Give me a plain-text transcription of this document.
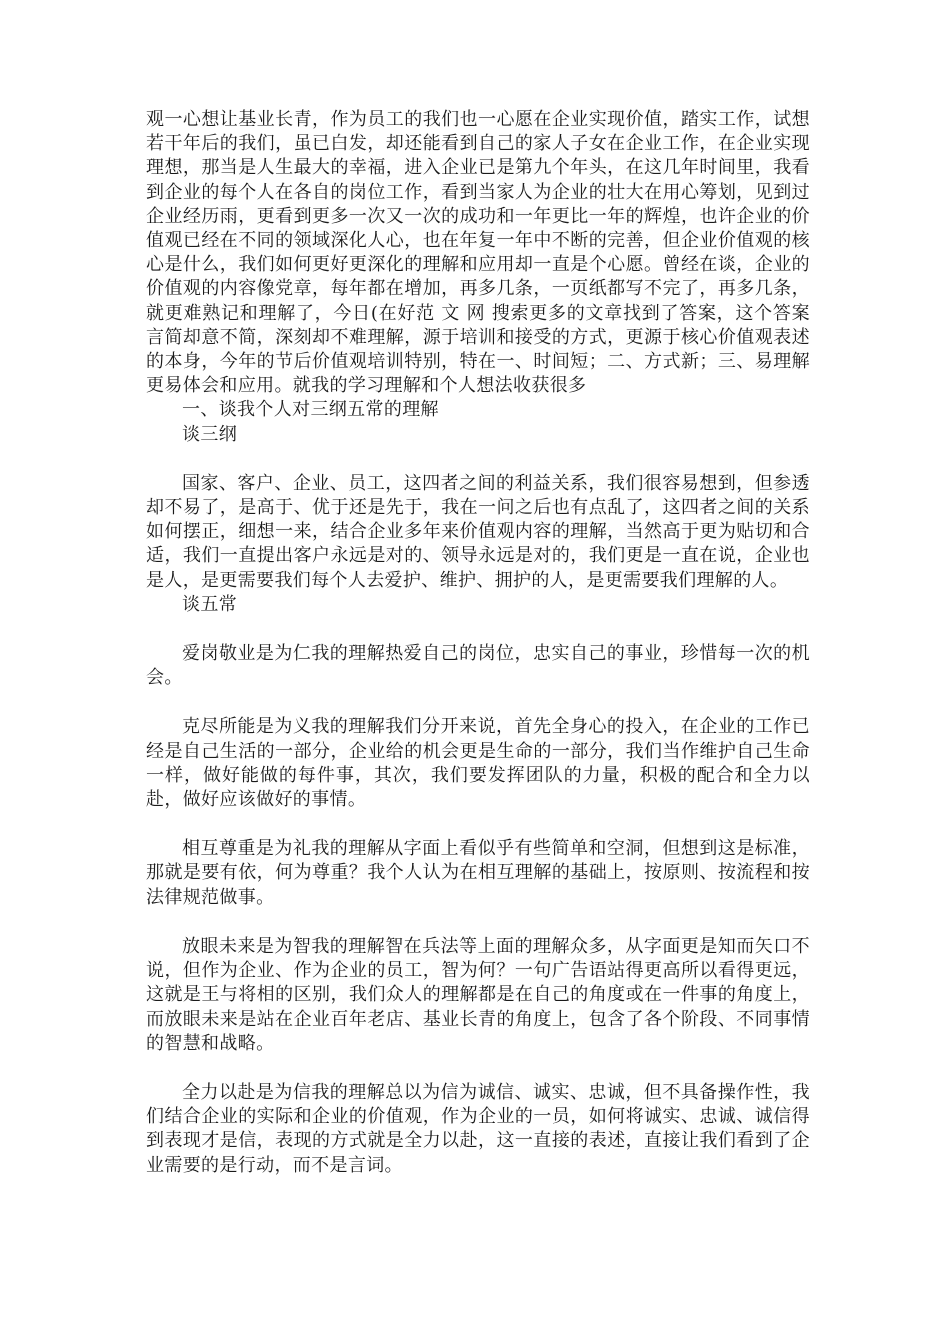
观一心想让基业长青，作为员工的我们也一心愿在企业实现价值，踏实工作，试想若干年后的我们，虽已白发，却还能看到自己的家人子女在企业工作，在企业实现理想，那当是人生最大的幸福，进入企业已是第九个年头，在这几年时间里，我看到企业的每个人在各自的岗位工作，看到当家人为企业的壮大在用心筹划，见到过企业经历雨，更看到更多一次又一次的成功和一年更比一年的辉煌，也许企业的价值观已经在不同的领域深化人心，也在年复一年中不断的完善，但企业价值观的核心是什么，我们如何更好更深化的理解和应用却一直是个心愿。曾经在谈，企业的价值观的内容像党章，每年都在增加，再多几条，一页纸都写不完了，再多几条，就更难熟记和理解了，今日(在好范 文 网 搜索更多的文章找到了答案，这个答案言简却意不简，深刻却不难理解，源于培训和接受的方式，更源于核心价值观表述的本身，今年的节后价值观培训特别，特在一、时间短；二、方式新；三、易理解更易体会和应用。就我的学习理解和个人想法收获很多

一、谈我个人对三纲五常的理解

谈三纲

国家、客户、企业、员工，这四者之间的利益关系，我们很容易想到，但参透却不易了，是高于、优于还是先于，我在一问之后也有点乱了，这四者之间的关系如何摆正，细想一来，结合企业多年来价值观内容的理解，当然高于更为贴切和合适，我们一直提出客户永远是对的、领导永远是对的，我们更是一直在说，企业也是人，是更需要我们每个人去爱护、维护、拥护的人，是更需要我们理解的人。

谈五常

爱岗敬业是为仁我的理解热爱自己的岗位，忠实自己的事业，珍惜每一次的机会。

克尽所能是为义我的理解我们分开来说，首先全身心的投入，在企业的工作已经是自己生活的一部分，企业给的机会更是生命的一部分，我们当作维护自己生命一样，做好能做的每件事，其次，我们要发挥团队的力量，积极的配合和全力以赴，做好应该做好的事情。

相互尊重是为礼我的理解从字面上看似乎有些简单和空洞，但想到这是标准，那就是要有依，何为尊重？我个人认为在相互理解的基础上，按原则、按流程和按法律规范做事。

放眼未来是为智我的理解智在兵法等上面的理解众多，从字面更是知而矢口不说，但作为企业、作为企业的员工，智为何？一句广告语站得更高所以看得更远，这就是王与将相的区别，我们众人的理解都是在自己的角度或在一件事的角度上，而放眼未来是站在企业百年老店、基业长青的角度上，包含了各个阶段、不同事情的智慧和战略。

全力以赴是为信我的理解总以为信为诚信、诚实、忠诚，但不具备操作性，我们结合企业的实际和企业的价值观，作为企业的一员，如何将诚实、忠诚、诚信得到表现才是信，表现的方式就是全力以赴，这一直接的表述，直接让我们看到了企业需要的是行动，而不是言词。
